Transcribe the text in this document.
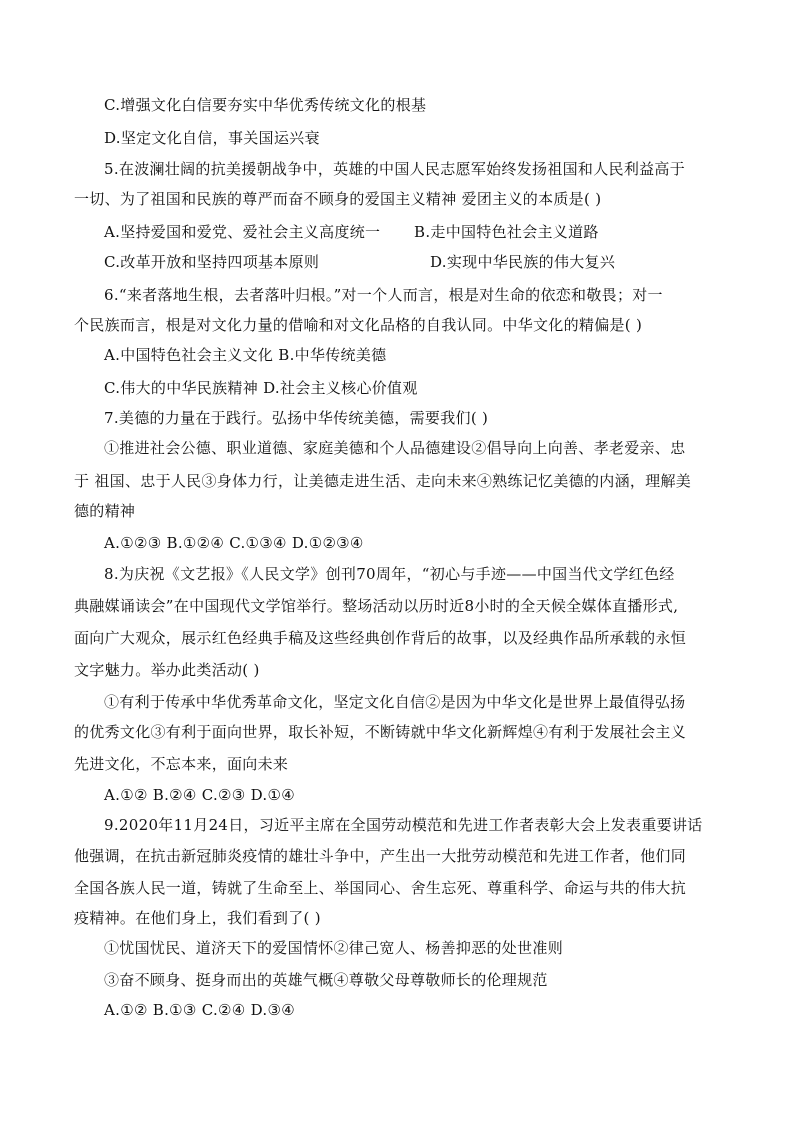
C.增强文化白信要夯实中华优秀传统文化的根基
D.坚定文化自信，事关国运兴衰
5.在波澜壮阔的抗美援朝战争中，英雄的中国人民志愿军始终发扬祖国和人民利益高于
一切、为了祖国和民族的尊严而奋不顾身的爱国主义精神 爱团主义的本质是( )
A.坚持爱国和爱党、爱社会主义高度统一 B.走中国特色社会主义道路
C.改革开放和坚持四项基本原则	D.实现中华民族的伟大复兴
6.“来者落地生根，去者落叶归根。”对一个人而言，根是对生命的依恋和敬畏；对一
个民族而言，根是对文化力量的借喻和对文化品格的自我认同。中华文化的精偏是( )
A.中国特色社会主义文化 B.中华传统美德
C.伟大的中华民族精神 D.社会主义核心价值观
7.美德的力量在于践行。弘扬中华传统美德，需要我们( )
①推进社会公德、职业道德、家庭美德和个人品德建设②倡导向上向善、孝老爱亲、忠
于 祖国、忠于人民③身体力行，让美德走进生活、走向未来④熟练记忆美德的内涵，理解美
德的精神
A.①②③ B.①②④ C.①③④ D.①②③④
8.为庆祝《文艺报》《人民文学》创刊70周年，“初心与手迹——中国当代文学红色经
典融媒诵读会”在中国现代文学馆举行。整场活动以历时近8小时的全天候全媒体直播形式,
面向广大观众，展示红色经典手稿及这些经典创作背后的故事，以及经典作品所承载的永恒
文字魅力。举办此类活动( )
①有利于传承中华优秀革命文化，坚定文化自信②是因为中华文化是世界上最值得弘扬
的优秀文化③有利于面向世界，取长补短，不断铸就中华文化新辉煌④有利于发展社会主义
先进文化，不忘本来，面向未来
A.①② B.②④ C.②③ D.①④
9.2020年11月24日，习近平主席在全国劳动模范和先进工作者表彰大会上发表重要讲话
他强调，在抗击新冠肺炎疫情的雄壮斗争中，产生出一大批劳动模范和先进工作者，他们同
全国各族人民一道，铸就了生命至上、举国同心、舍生忘死、尊重科学、命运与共的伟大抗
疫精神。在他们身上，我们看到了( )
①忧国忧民、道济天下的爱国情怀②律己宽人、杨善抑恶的处世准则
③奋不顾身、挺身而出的英雄气概④尊敬父母尊敬师长的伦理规范
A.①② B.①③ C.②④ D.③④
